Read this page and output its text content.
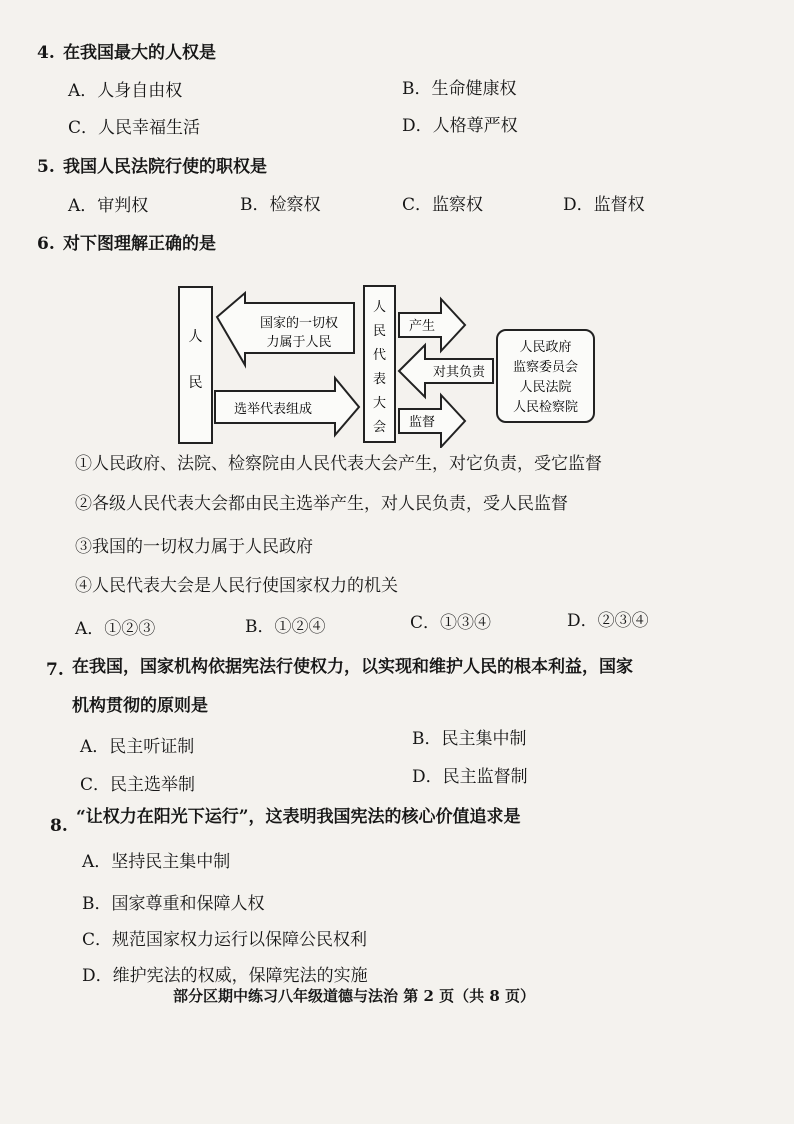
4. 在我国最大的人权是
A．人身自由权	B．生命健康权
C．人民幸福生活	D．人格尊严权
5. 我国人民法院行使的职权是
A．审判权	B．检察权	C．监察权	D．监督权
6. 对下图理解正确的是
人
民
国家的一切权
力属于人民
选举代表组成
人
民
代
表
大
会
产生
对其负责
监督
人民政府
监察委员会
人民法院
人民检察院
①人民政府、法院、检察院由人民代表大会产生，对它负责，受它监督
②各级人民代表大会都由民主选举产生，对人民负责，受人民监督
③我国的一切权力属于人民政府
④人民代表大会是人民行使国家权力的机关
A．①②③	B．①②④	C．①③④	D．②③④
7. 在我国，国家机构依据宪法行使权力，以实现和维护人民的根本利益，国家
机构贯彻的原则是
A．民主听证制	B．民主集中制
C．民主选举制	D．民主监督制
8. “让权力在阳光下运行”，这表明我国宪法的核心价值追求是
A．坚持民主集中制
B．国家尊重和保障人权
C．规范国家权力运行以保障公民权利
D．维护宪法的权威，保障宪法的实施
部分区期中练习八年级道德与法治 第 2 页（共 8 页）
